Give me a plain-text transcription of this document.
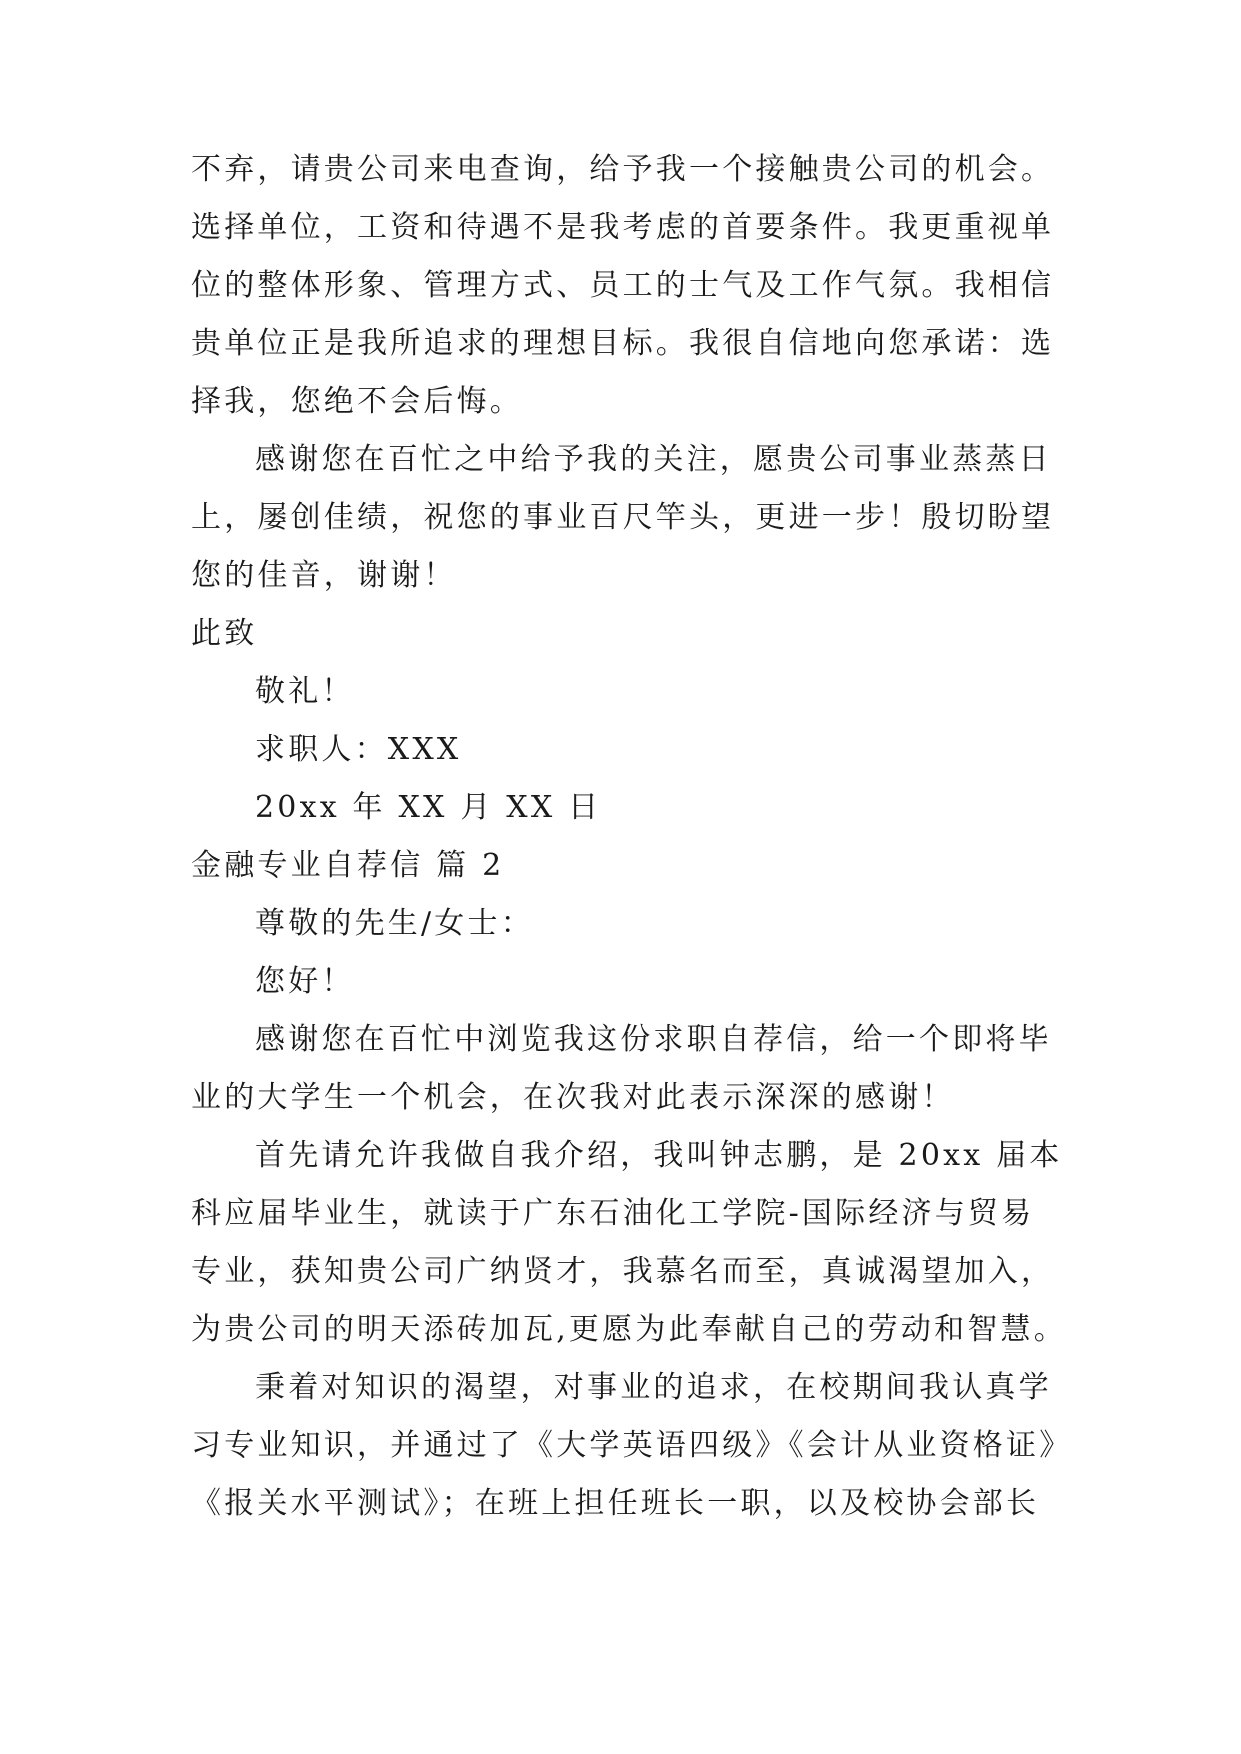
不弃，请贵公司来电查询，给予我一个接触贵公司的机会。
选择单位，工资和待遇不是我考虑的首要条件。我更重视单
位的整体形象、管理方式、员工的士气及工作气氛。我相信
贵单位正是我所追求的理想目标。我很自信地向您承诺：选
择我，您绝不会后悔。
感谢您在百忙之中给予我的关注，愿贵公司事业蒸蒸日
上，屡创佳绩，祝您的事业百尺竿头，更进一步！殷切盼望
您的佳音，谢谢！
此致
敬礼！
求职人：XXX
20xx 年 XX 月 XX 日
金融专业自荐信 篇 2
尊敬的先生/女士：
您好！
感谢您在百忙中浏览我这份求职自荐信，给一个即将毕
业的大学生一个机会，在次我对此表示深深的感谢！
首先请允许我做自我介绍，我叫钟志鹏，是 20xx 届本
科应届毕业生，就读于广东石油化工学院-国际经济与贸易
专业，获知贵公司广纳贤才，我慕名而至，真诚渴望加入，
为贵公司的明天添砖加瓦,更愿为此奉献自己的劳动和智慧。
秉着对知识的渴望，对事业的追求，在校期间我认真学
习专业知识，并通过了《大学英语四级》《会计从业资格证》
《报关水平测试》；在班上担任班长一职，以及校协会部长
